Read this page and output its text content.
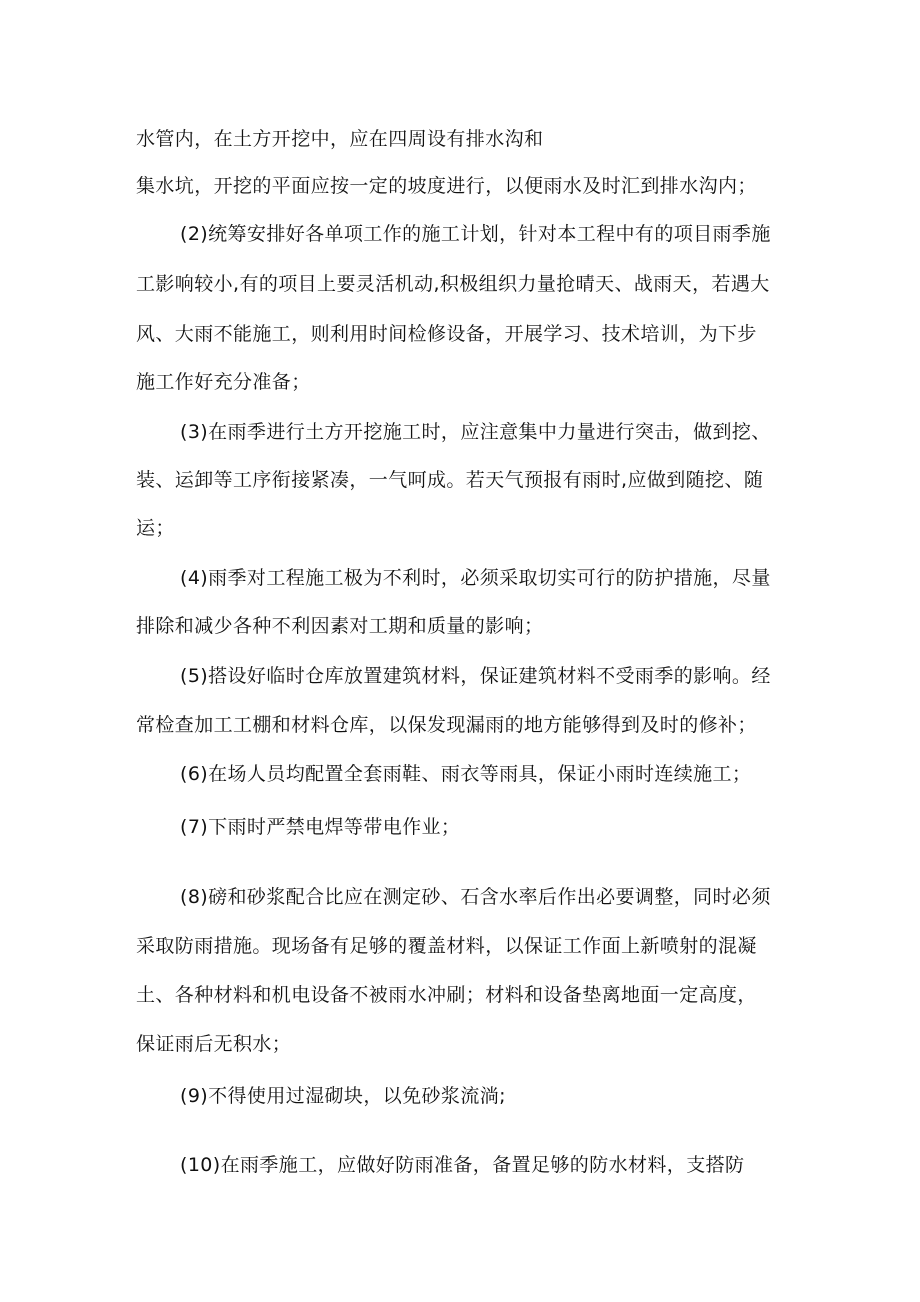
水管内，在土方开挖中，应在四周设有排水沟和
集水坑，开挖的平面应按一定的坡度进行，以便雨水及时汇到排水沟内；
(2)统筹安排好各单项工作的施工计划，针对本工程中有的项目雨季施
工影响较小,有的项目上要灵活机动,积极组织力量抢晴天、战雨天，若遇大
风、大雨不能施工，则利用时间检修设备，开展学习、技术培训，为下步
施工作好充分准备；
(3)在雨季进行土方开挖施工时，应注意集中力量进行突击，做到挖、
装、运卸等工序衔接紧凑，一气呵成。若天气预报有雨时,应做到随挖、随
运；
(4)雨季对工程施工极为不利时，必须采取切实可行的防护措施，尽量
排除和减少各种不利因素对工期和质量的影响；
(5)搭设好临时仓库放置建筑材料，保证建筑材料不受雨季的影响。经
常检查加工工棚和材料仓库，以保发现漏雨的地方能够得到及时的修补；
(6)在场人员均配置全套雨鞋、雨衣等雨具，保证小雨时连续施工；
(7)下雨时严禁电焊等带电作业；
(8)磅和砂浆配合比应在测定砂、石含水率后作出必要调整，同时必须
采取防雨措施。现场备有足够的覆盖材料，以保证工作面上新喷射的混凝
土、各种材料和机电设备不被雨水冲刷；材料和设备垫离地面一定高度，
保证雨后无积水；
(9)不得使用过湿砌块，以免砂浆流淌;
(10)在雨季施工，应做好防雨准备，备置足够的防水材料，支搭防
